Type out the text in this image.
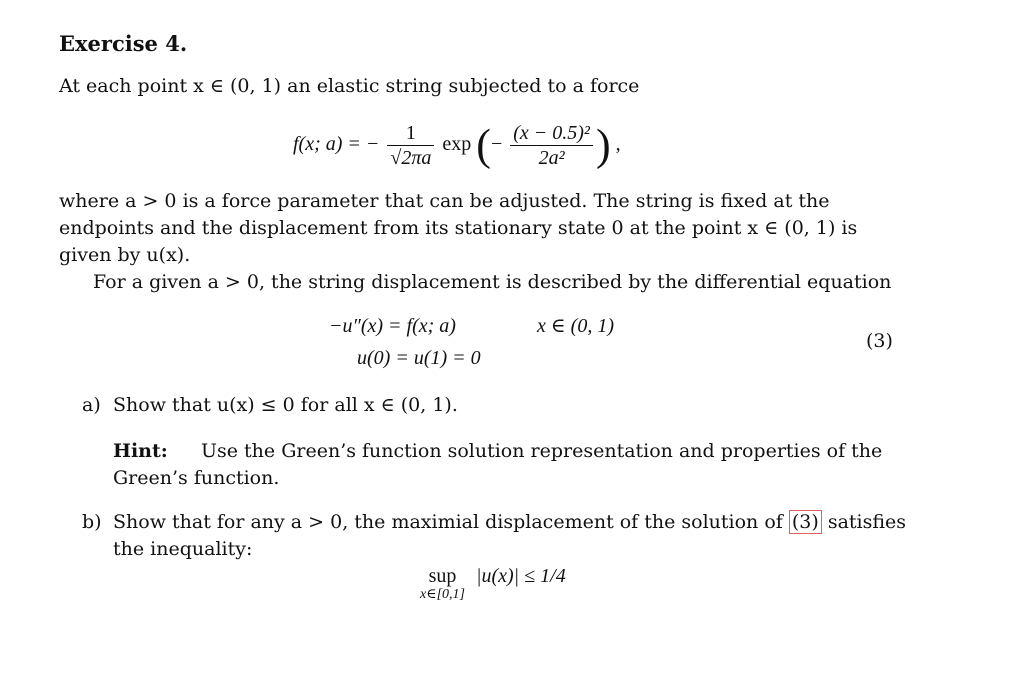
Exercise 4.
At each point x ∈ (0, 1) an elastic string subjected to a force
f(x; a) = − $\frac{1}{√2\pi a}$ exp (− $\frac{\text{(x − 0.5)²}}{\text{2a²}}$ ) ,
where a > 0 is a force parameter that can be adjusted. The string is fixed at the
endpoints and the displacement from its stationary state 0 at the point x ∈ (0, 1) is
given by u(x).
For a given a > 0, the string displacement is described by the differential equation
−u″(x) = f(x; a)	x ∈ (0, 1)
u(0) = u(1) = 0
(3)
a) Show that u(x) ≤ 0 for all x ∈ (0, 1).
Hint: Use the Green’s function solution representation and properties of the
Green’s function.
b) Show that for any a > 0, the maximial displacement of the solution of (3) satisfies
the inequality:
sup
x∈[0,1]
|u(x)| ≤ 1/4
